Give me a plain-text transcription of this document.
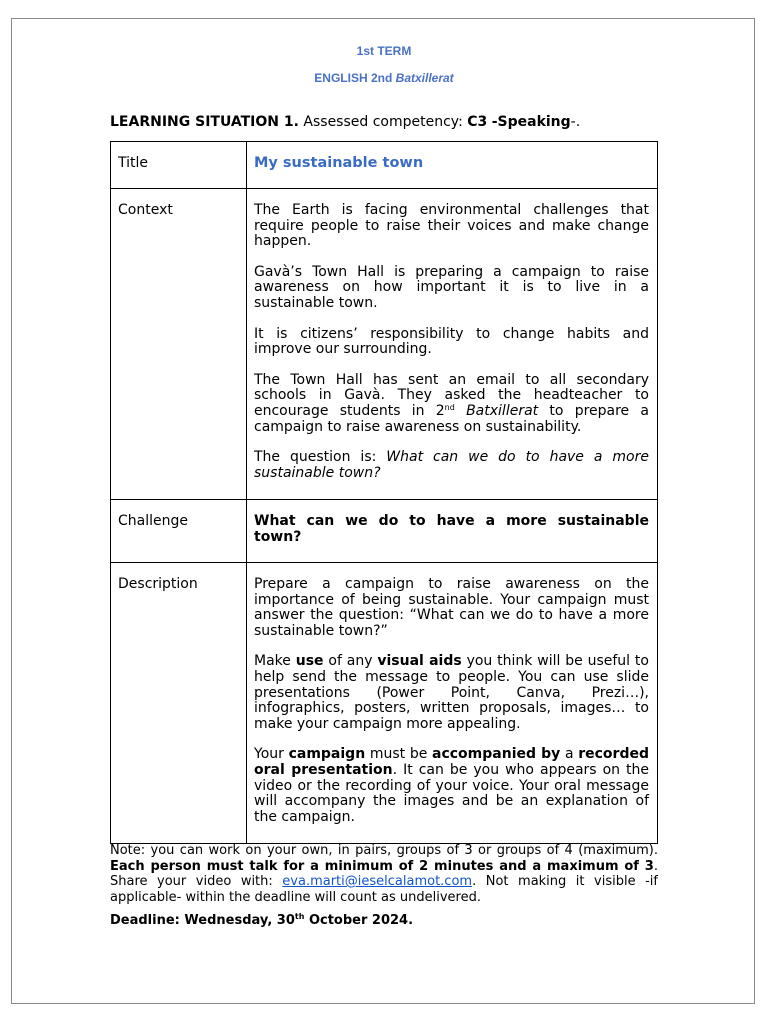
1st TERM
ENGLISH 2nd Batxillerat
LEARNING SITUATION 1. Assessed competency: C3 -Speaking-.
Title	My sustainable town
Context	The Earth is facing environmental challenges that require people to raise their voices and make change happen.

Gavà’s Town Hall is preparing a campaign to raise awareness on how important it is to live in a sustainable town.

It is citizens’ responsibility to change habits and improve our surrounding.

The Town Hall has sent an email to all secondary schools in Gavà. They asked the headteacher to encourage students in 2nd Batxillerat to prepare a campaign to raise awareness on sustainability.

The question is: What can we do to have a more sustainable town?

Challenge	What can we do to have a more sustainable town?

Description	Prepare a campaign to raise awareness on the importance of being sustainable. Your campaign must answer the question: “What can we do to have a more sustainable town?”

Make use of any visual aids you think will be useful to help send the message to people. You can use slide presentations (Power Point, Canva, Prezi…), infographics, posters, written proposals, images… to make your campaign more appealing.

Your campaign must be accompanied by a recorded oral presentation. It can be you who appears on the video or the recording of your voice. Your oral message will accompany the images and be an explanation of the campaign.

Note: you can work on your own, in pairs, groups of 3 or groups of 4 (maximum). Each person must talk for a minimum of 2 minutes and a maximum of 3. Share your video with: eva.marti@ieselcalamot.com. Not making it visible -if applicable- within the deadline will count as undelivered.
Deadline: Wednesday, 30th October 2024.
